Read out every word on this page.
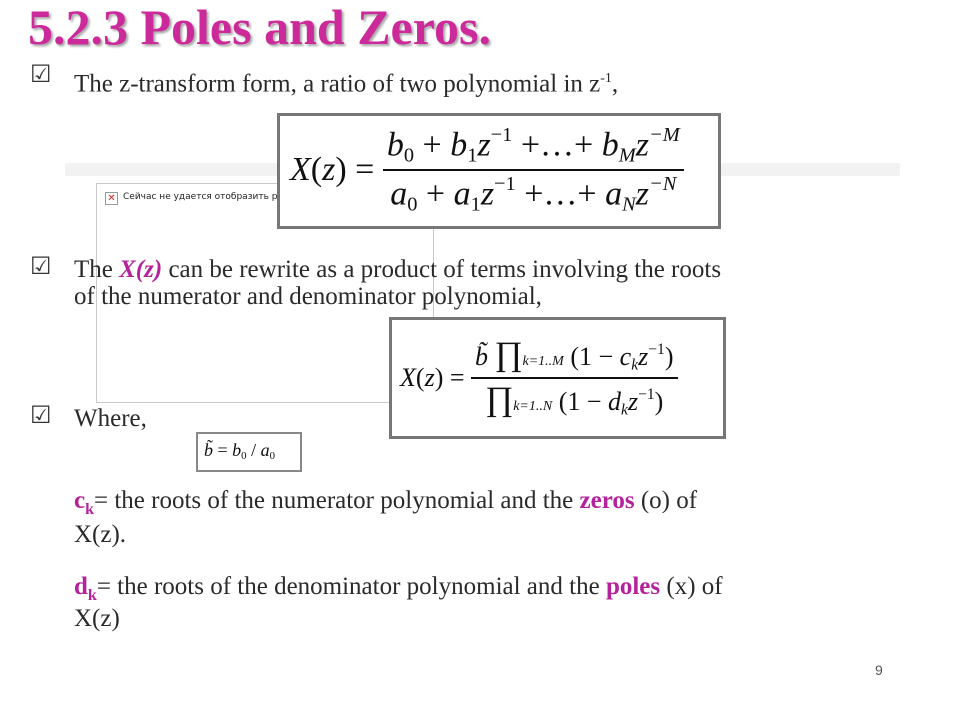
5.2.3 Poles and Zeros.
✕ Сейчас не удается отобразить р
☑ The z-transform form, a ratio of two polynomial in $z^{-1}$,
$X(z) = \frac{b_0 + b_1z^{-1} +\dots+ b_Mz^{-M}}{a_0 + a_1z^{-1} +\dots+ a_Nz^{-N}}$
☑ The X(z) can be rewrite as a product of terms involving the roots
of the numerator and denominator polynomial,
$X(z) = \frac{b̃ \prod k=1..M (1 - c_kz^{-1})}{\prod k=1..N (1 - d_kz^{-1})}$
☑ Where,
b̃ = $b_0 / a_0$
$c_k=$ the roots of the numerator polynomial and the zeros (o) of
X(z).
$d_k=$ the roots of the denominator polynomial and the poles (x) of
X(z)
9
